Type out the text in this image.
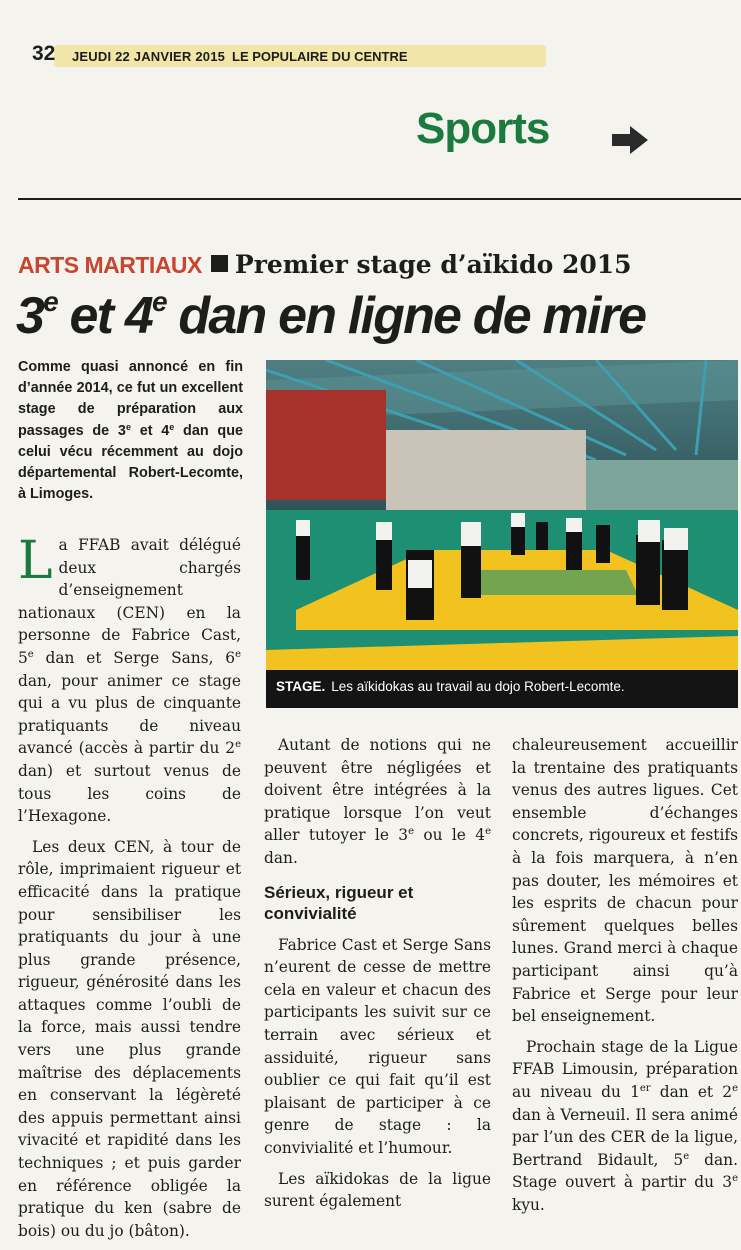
32 JEUDI 22 JANVIER 2015 LE POPULAIRE DU CENTRE
Sports
ARTS MARTIAUX Premier stage d’aïkido 2015
3e et 4e dan en ligne de mire
Comme quasi annoncé en fin d’année 2014, ce fut un excellent stage de préparation aux passages de 3e et 4e dan que celui vécu récemment au dojo départemental Robert-Lecomte, à Limoges.

La FFAB avait délégué deux chargés d’enseignement nationaux (CEN) en la personne de Fabrice Cast, 5e dan et Serge Sans, 6e dan, pour animer ce stage qui a vu plus de cinquante pratiquants de niveau avancé (accès à partir du 2e dan) et surtout venus de tous les coins de l’Hexagone.

Les deux CEN, à tour de rôle, imprimaient rigueur et efficacité dans la pratique pour sensibiliser les pratiquants du jour à une plus grande présence, rigueur, générosité dans les attaques comme l’oubli de la force, mais aussi tendre vers une plus grande maîtrise des déplacements en conservant la légèreté des appuis permettant ainsi vivacité et rapidité dans les techniques ; et puis garder en référence obligée la pratique du ken (sabre de bois) ou du jo (bâton).

STAGE. Les aïkidokas au travail au dojo Robert-Lecomte.

Autant de notions qui ne peuvent être négligées et doivent être intégrées à la pratique lorsque l’on veut aller tutoyer le 3e ou le 4e dan.

Sérieux, rigueur et convivialité

Fabrice Cast et Serge Sans n’eurent de cesse de mettre cela en valeur et chacun des participants les suivit sur ce terrain avec sérieux et assiduité, rigueur sans oublier ce qui fait qu’il est plaisant de participer à ce genre de stage : la convivialité et l’humour.

Les aïkidokas de la ligue surent également

chaleureusement accueillir la trentaine des pratiquants venus des autres ligues. Cet ensemble d’échanges concrets, rigoureux et festifs à la fois marquera, à n’en pas douter, les mémoires et les esprits de chacun pour sûrement quelques belles lunes. Grand merci à chaque participant ainsi qu’à Fabrice et Serge pour leur bel enseignement.

Prochain stage de la Ligue FFAB Limousin, préparation au niveau du 1er dan et 2e dan à Verneuil. Il sera animé par l’un des CER de la ligue, Bertrand Bidault, 5e dan. Stage ouvert à partir du 3e kyu.
